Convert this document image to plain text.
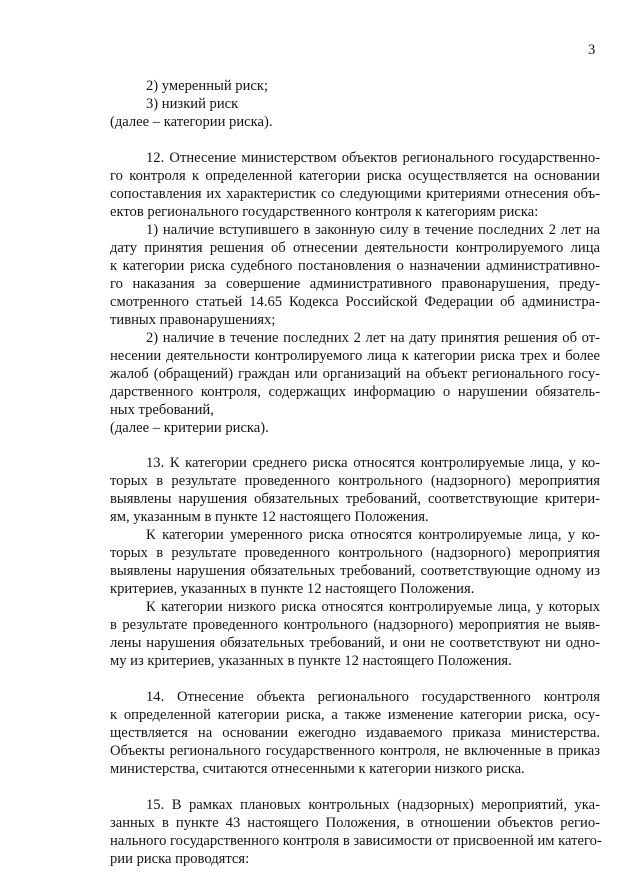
3
2) умеренный риск;
3) низкий риск
(далее – категории риска).
12. Отнесение министерством объектов регионального государственно-
го контроля к определенной категории риска осуществляется на основании
сопоставления их характеристик со следующими критериями отнесения объ-
ектов регионального государственного контроля к категориям риска:
1) наличие вступившего в законную силу в течение последних 2 лет на
дату принятия решения об отнесении деятельности контролируемого лица
к категории риска судебного постановления о назначении административно-
го наказания за совершение административного правонарушения, преду-
смотренного статьей 14.65 Кодекса Российской Федерации об администра-
тивных правонарушениях;
2) наличие в течение последних 2 лет на дату принятия решения об от-
несении деятельности контролируемого лица к категории риска трех и более
жалоб (обращений) граждан или организаций на объект регионального госу-
дарственного контроля, содержащих информацию о нарушении обязатель-
ных требований,
(далее – критерии риска).
13. К категории среднего риска относятся контролируемые лица, у ко-
торых в результате проведенного контрольного (надзорного) мероприятия
выявлены нарушения обязательных требований, соответствующие критери-
ям, указанным в пункте 12 настоящего Положения.
К категории умеренного риска относятся контролируемые лица, у ко-
торых в результате проведенного контрольного (надзорного) мероприятия
выявлены нарушения обязательных требований, соответствующие одному из
критериев, указанных в пункте 12 настоящего Положения.
К категории низкого риска относятся контролируемые лица, у которых
в результате проведенного контрольного (надзорного) мероприятия не выяв-
лены нарушения обязательных требований, и они не соответствуют ни одно-
му из критериев, указанных в пункте 12 настоящего Положения.
14. Отнесение объекта регионального государственного контроля
к определенной категории риска, а также изменение категории риска, осу-
ществляется на основании ежегодно издаваемого приказа министерства.
Объекты регионального государственного контроля, не включенные в приказ
министерства, считаются отнесенными к категории низкого риска.
15. В рамках плановых контрольных (надзорных) мероприятий, ука-
занных в пункте 43 настоящего Положения, в отношении объектов регио-
нального государственного контроля в зависимости от присвоенной им катего-
рии риска проводятся:
